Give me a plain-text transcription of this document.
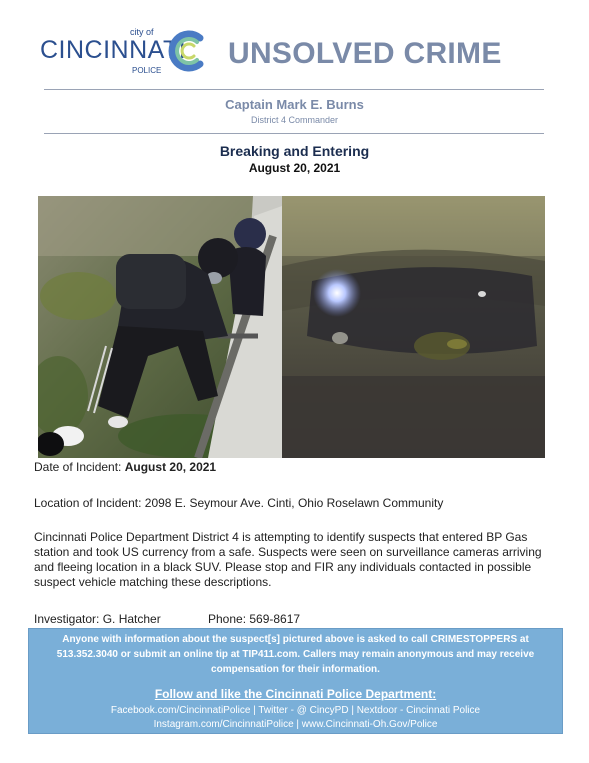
city of
CINCINNATI
POLICE
UNSOLVED CRIME
Captain Mark E. Burns
District 4 Commander
Breaking and Entering
August 20, 2021
Date of Incident: August 20, 2021
Location of Incident: 2098 E. Seymour Ave. Cinti, Ohio Roselawn Community
Cincinnati Police Department District 4 is attempting to identify suspects that entered BP Gas station and took US currency from a safe. Suspects were seen on surveillance cameras arriving and fleeing location in a black SUV. Please stop and FIR any individuals contacted in possible suspect vehicle matching these descriptions.
Investigator: G. Hatcher	Phone: 569-8617
Anyone with information about the suspect[s] pictured above is asked to call CRIMESTOPPERS at 513.352.3040 or submit an online tip at TIP411.com. Callers may remain anonymous and may receive compensation for their information.
Follow and like the Cincinnati Police Department:
Facebook.com/CincinnatiPolice | Twitter - @ CincyPD | Nextdoor - Cincinnati Police
Instagram.com/CincinnatiPolice | www.Cincinnati-Oh.Gov/Police
